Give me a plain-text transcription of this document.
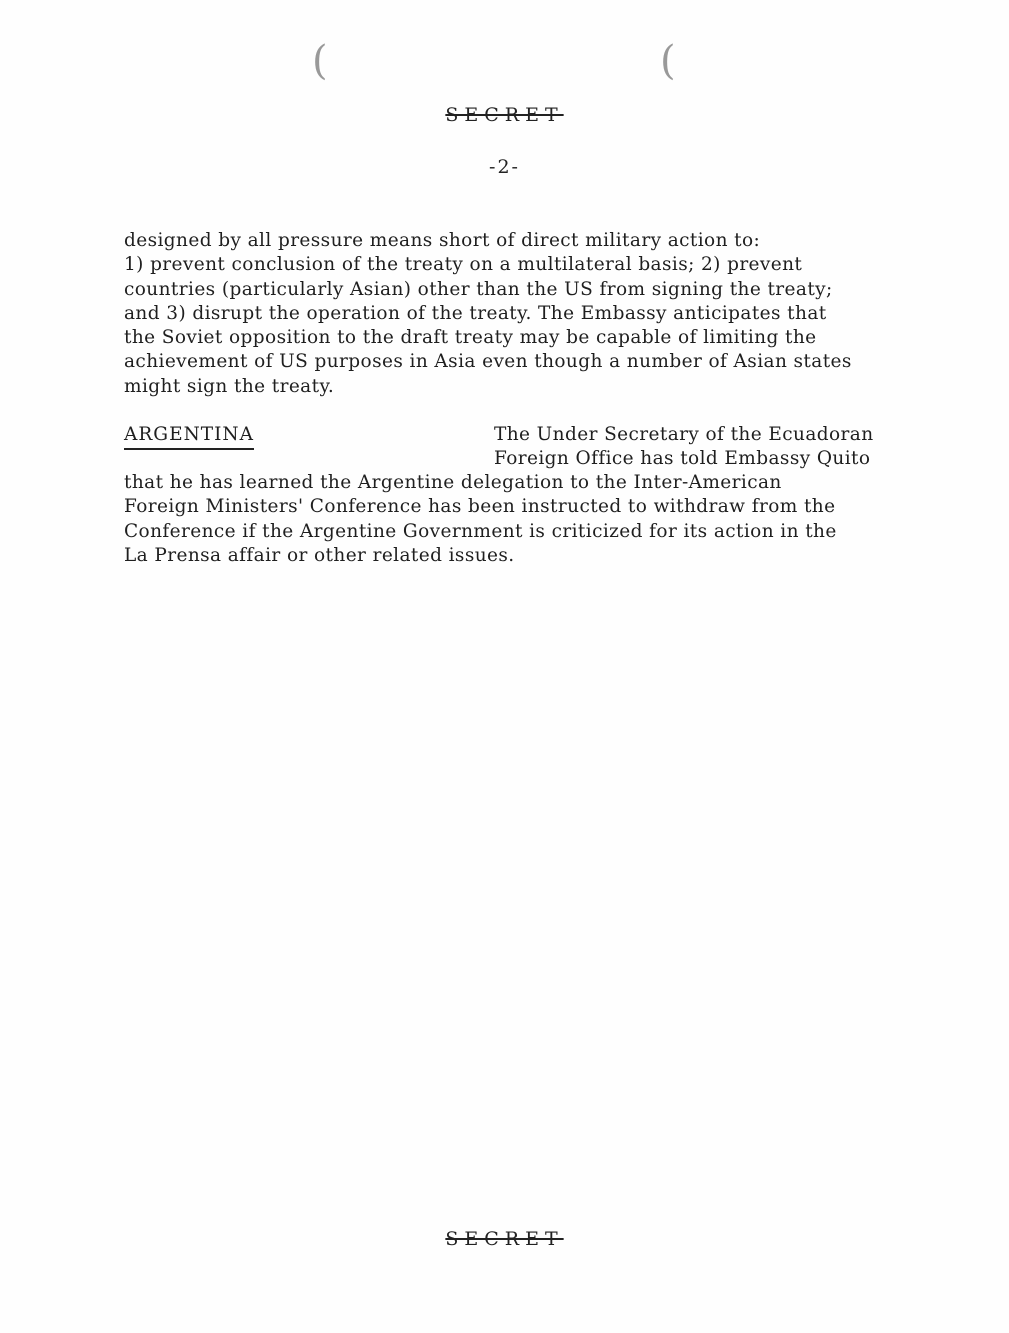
(	(
SECRET
-2-
designed by all pressure means short of direct military action to:
1) prevent conclusion of the treaty on a multilateral basis; 2) prevent
countries (particularly Asian) other than the US from signing the treaty;
and 3) disrupt the operation of the treaty. The Embassy anticipates that
the Soviet opposition to the draft treaty may be capable of limiting the
achievement of US purposes in Asia even though a number of Asian states
might sign the treaty.
ARGENTINA	The Under Secretary of the Ecuadoran
Foreign Office has told Embassy Quito
that he has learned the Argentine delegation to the Inter-American
Foreign Ministers' Conference has been instructed to withdraw from the
Conference if the Argentine Government is criticized for its action in the
La Prensa affair or other related issues.
SECRET
